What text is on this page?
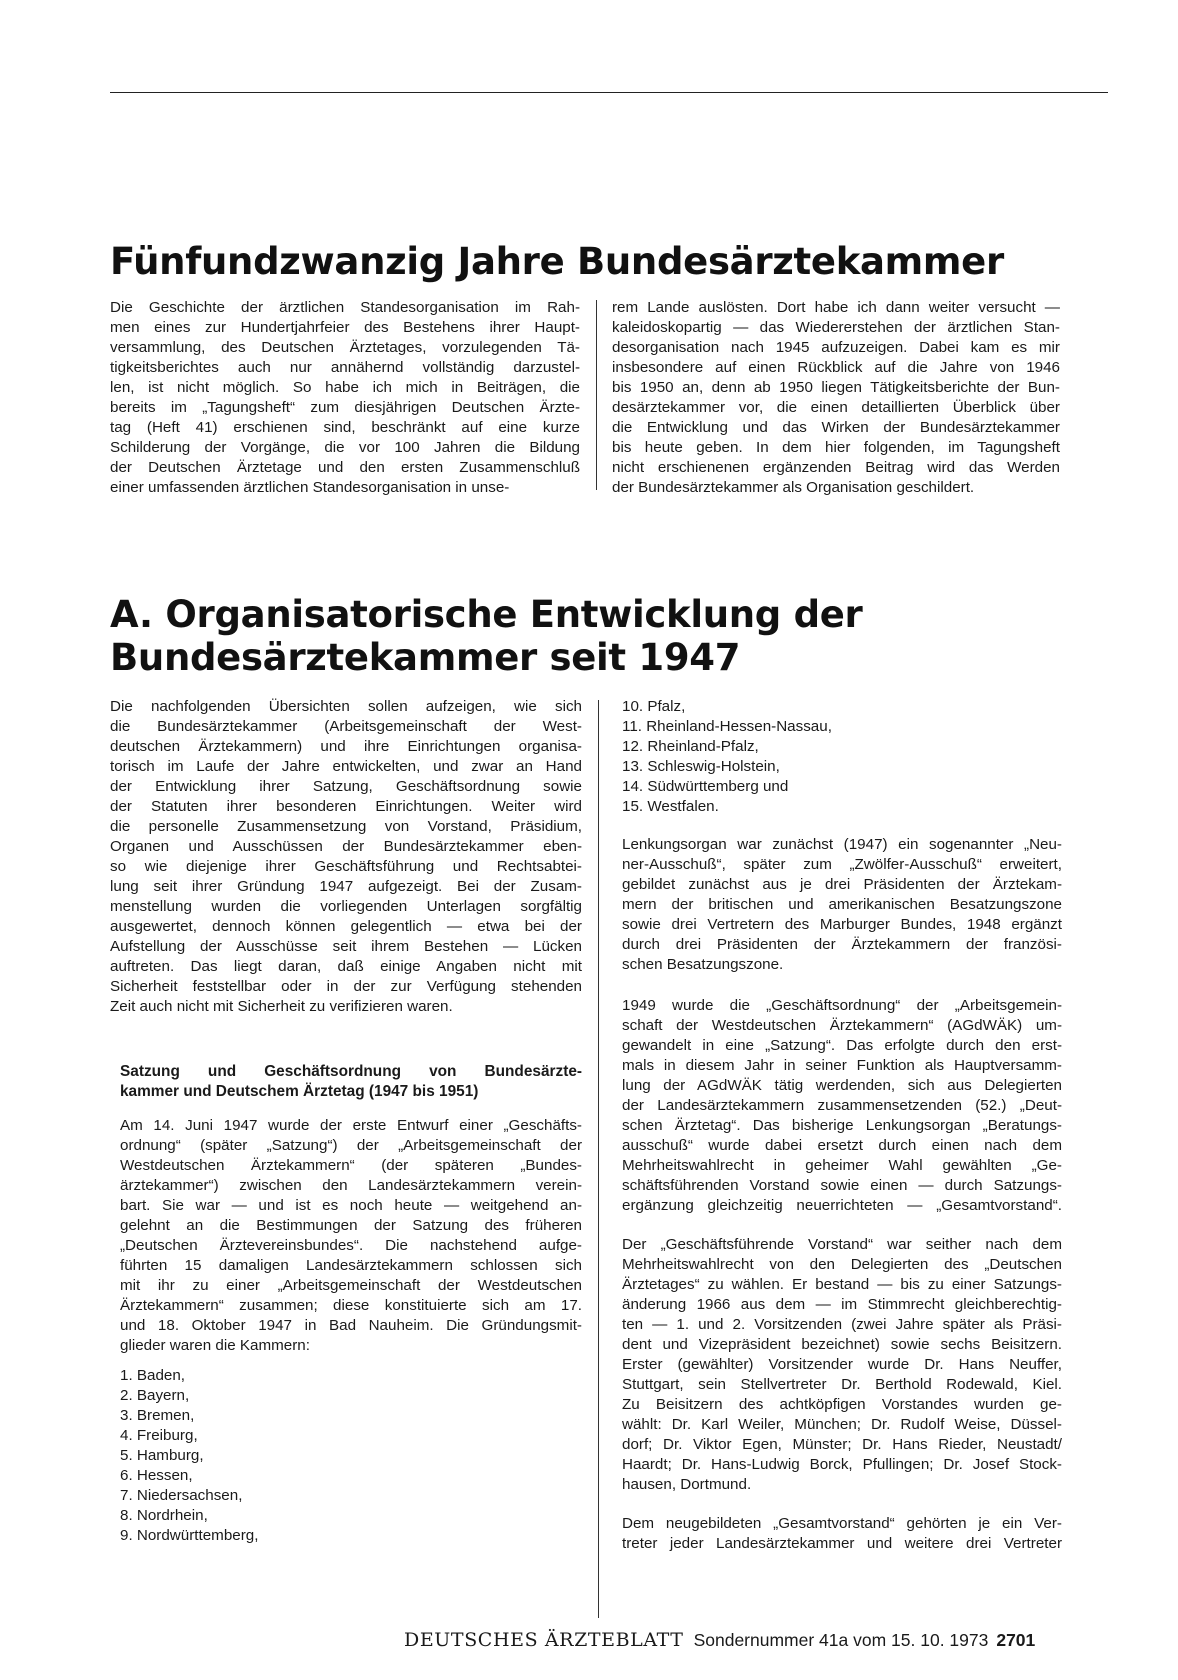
Fünfundzwanzig Jahre Bundesärztekammer
Die Geschichte der ärztlichen Standesorganisation im Rah-
men eines zur Hundertjahrfeier des Bestehens ihrer Haupt-
versammlung, des Deutschen Ärztetages, vorzulegenden Tä-
tigkeitsberichtes auch nur annähernd vollständig darzustel-
len, ist nicht möglich. So habe ich mich in Beiträgen, die
bereits im „Tagungsheft“ zum diesjährigen Deutschen Ärzte-
tag (Heft 41) erschienen sind, beschränkt auf eine kurze
Schilderung der Vorgänge, die vor 100 Jahren die Bildung
der Deutschen Ärztetage und den ersten Zusammenschluß
einer umfassenden ärztlichen Standesorganisation in unse-
rem Lande auslösten. Dort habe ich dann weiter versucht —
kaleidoskopartig — das Wiedererstehen der ärztlichen Stan-
desorganisation nach 1945 aufzuzeigen. Dabei kam es mir
insbesondere auf einen Rückblick auf die Jahre von 1946
bis 1950 an, denn ab 1950 liegen Tätigkeitsberichte der Bun-
desärztekammer vor, die einen detaillierten Überblick über
die Entwicklung und das Wirken der Bundesärztekammer
bis heute geben. In dem hier folgenden, im Tagungsheft
nicht erschienenen ergänzenden Beitrag wird das Werden
der Bundesärztekammer als Organisation geschildert.
A. Organisatorische Entwicklung der
Bundesärztekammer seit 1947
Die nachfolgenden Übersichten sollen aufzeigen, wie sich
die Bundesärztekammer (Arbeitsgemeinschaft der West-
deutschen Ärztekammern) und ihre Einrichtungen organisa-
torisch im Laufe der Jahre entwickelten, und zwar an Hand
der Entwicklung ihrer Satzung, Geschäftsordnung sowie
der Statuten ihrer besonderen Einrichtungen. Weiter wird
die personelle Zusammensetzung von Vorstand, Präsidium,
Organen und Ausschüssen der Bundesärztekammer eben-
so wie diejenige ihrer Geschäftsführung und Rechtsabtei-
lung seit ihrer Gründung 1947 aufgezeigt. Bei der Zusam-
menstellung wurden die vorliegenden Unterlagen sorgfältig
ausgewertet, dennoch können gelegentlich — etwa bei der
Aufstellung der Ausschüsse seit ihrem Bestehen — Lücken
auftreten. Das liegt daran, daß einige Angaben nicht mit
Sicherheit feststellbar oder in der zur Verfügung stehenden
Zeit auch nicht mit Sicherheit zu verifizieren waren.
Satzung und Geschäftsordnung von Bundesärzte-
kammer und Deutschem Ärztetag (1947 bis 1951)
Am 14. Juni 1947 wurde der erste Entwurf einer „Geschäfts-
ordnung“ (später „Satzung“) der „Arbeitsgemeinschaft der
Westdeutschen Ärztekammern“ (der späteren „Bundes-
ärztekammer“) zwischen den Landesärztekammern verein-
bart. Sie war — und ist es noch heute — weitgehend an-
gelehnt an die Bestimmungen der Satzung des früheren
„Deutschen Ärztevereinsbundes“. Die nachstehend aufge-
führten 15 damaligen Landesärztekammern schlossen sich
mit ihr zu einer „Arbeitsgemeinschaft der Westdeutschen
Ärztekammern“ zusammen; diese konstituierte sich am 17.
und 18. Oktober 1947 in Bad Nauheim. Die Gründungsmit-
glieder waren die Kammern:
1. Baden,
2. Bayern,
3. Bremen,
4. Freiburg,
5. Hamburg,
6. Hessen,
7. Niedersachsen,
8. Nordrhein,
9. Nordwürttemberg,
10. Pfalz,
11. Rheinland-Hessen-Nassau,
12. Rheinland-Pfalz,
13. Schleswig-Holstein,
14. Südwürttemberg und
15. Westfalen.
Lenkungsorgan war zunächst (1947) ein sogenannter „Neu-
ner-Ausschuß“, später zum „Zwölfer-Ausschuß“ erweitert,
gebildet zunächst aus je drei Präsidenten der Ärztekam-
mern der britischen und amerikanischen Besatzungszone
sowie drei Vertretern des Marburger Bundes, 1948 ergänzt
durch drei Präsidenten der Ärztekammern der französi-
schen Besatzungszone.
1949 wurde die „Geschäftsordnung“ der „Arbeitsgemein-
schaft der Westdeutschen Ärztekammern“ (AGdWÄK) um-
gewandelt in eine „Satzung“. Das erfolgte durch den erst-
mals in diesem Jahr in seiner Funktion als Hauptversamm-
lung der AGdWÄK tätig werdenden, sich aus Delegierten
der Landesärztekammern zusammensetzenden (52.) „Deut-
schen Ärztetag“. Das bisherige Lenkungsorgan „Beratungs-
ausschuß“ wurde dabei ersetzt durch einen nach dem
Mehrheitswahlrecht in geheimer Wahl gewählten „Ge-
schäftsführenden Vorstand sowie einen — durch Satzungs-
ergänzung gleichzeitig neuerrichteten — „Gesamtvorstand“.
Der „Geschäftsführende Vorstand“ war seither nach dem
Mehrheitswahlrecht von den Delegierten des „Deutschen
Ärztetages“ zu wählen. Er bestand — bis zu einer Satzungs-
änderung 1966 aus dem — im Stimmrecht gleichberechtig-
ten — 1. und 2. Vorsitzenden (zwei Jahre später als Präsi-
dent und Vizepräsident bezeichnet) sowie sechs Beisitzern.
Erster (gewählter) Vorsitzender wurde Dr. Hans Neuffer,
Stuttgart, sein Stellvertreter Dr. Berthold Rodewald, Kiel.
Zu Beisitzern des achtköpfigen Vorstandes wurden ge-
wählt: Dr. Karl Weiler, München; Dr. Rudolf Weise, Düssel-
dorf; Dr. Viktor Egen, Münster; Dr. Hans Rieder, Neustadt/
Haardt; Dr. Hans-Ludwig Borck, Pfullingen; Dr. Josef Stock-
hausen, Dortmund.
Dem neugebildeten „Gesamtvorstand“ gehörten je ein Ver-
treter jeder Landesärztekammer und weitere drei Vertreter
DEUTSCHES ÄRZTEBLATT Sondernummer 41a vom 15. 10. 1973 2701
